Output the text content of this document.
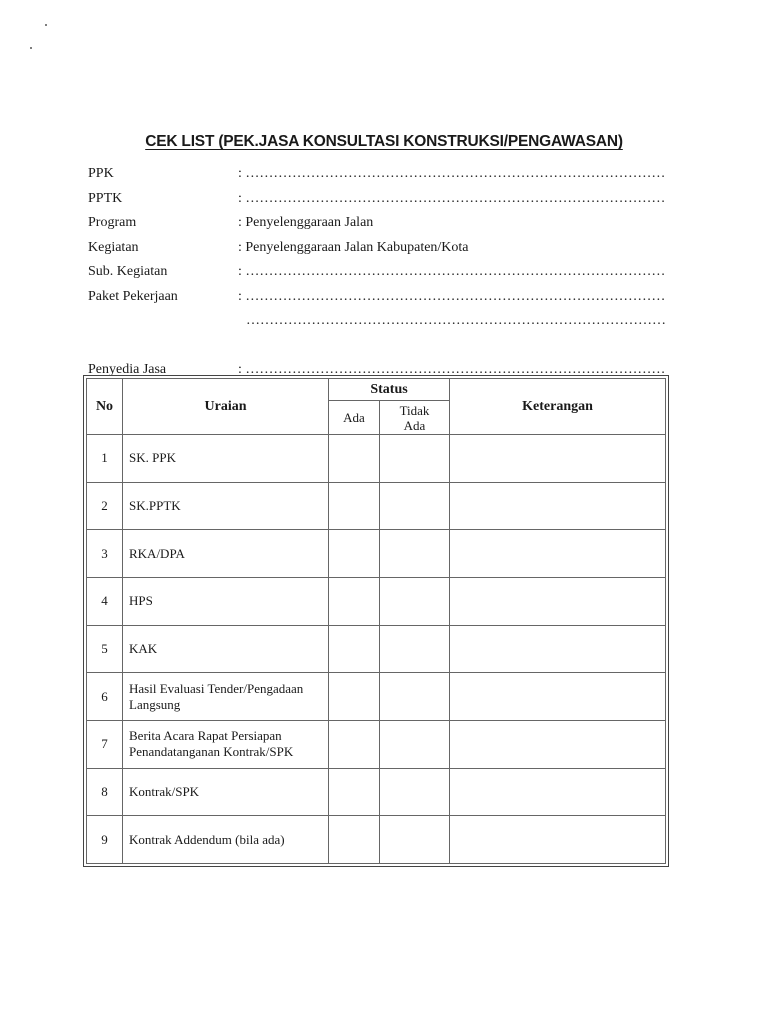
CEK LIST (PEK.JASA KONSULTASI KONSTRUKSI/PENGAWASAN)
PPK	: ………………………………………………………………………………
PPTK	: ………………………………………………………………………………
Program	: Penyelenggaraan Jalan
Kegiatan	: Penyelenggaraan Jalan Kabupaten/Kota
Sub. Kegiatan	: ………………………………………………………………………………
Paket Pekerjaan	: ………………………………………………………………………………
………………………………………………………………………………
Penyedia Jasa	: ………………………………………………………………………………
No	Uraian	Status		Keterangan
		Ada	Tidak Ada	
1	SK. PPK			
2	SK.PPTK			
3	RKA/DPA			
4	HPS			
5	KAK			
6	Hasil Evaluasi Tender/Pengadaan Langsung			
7	Berita Acara Rapat Persiapan Penandatanganan Kontrak/SPK			
8	Kontrak/SPK			
9	Kontrak Addendum (bila ada)			
